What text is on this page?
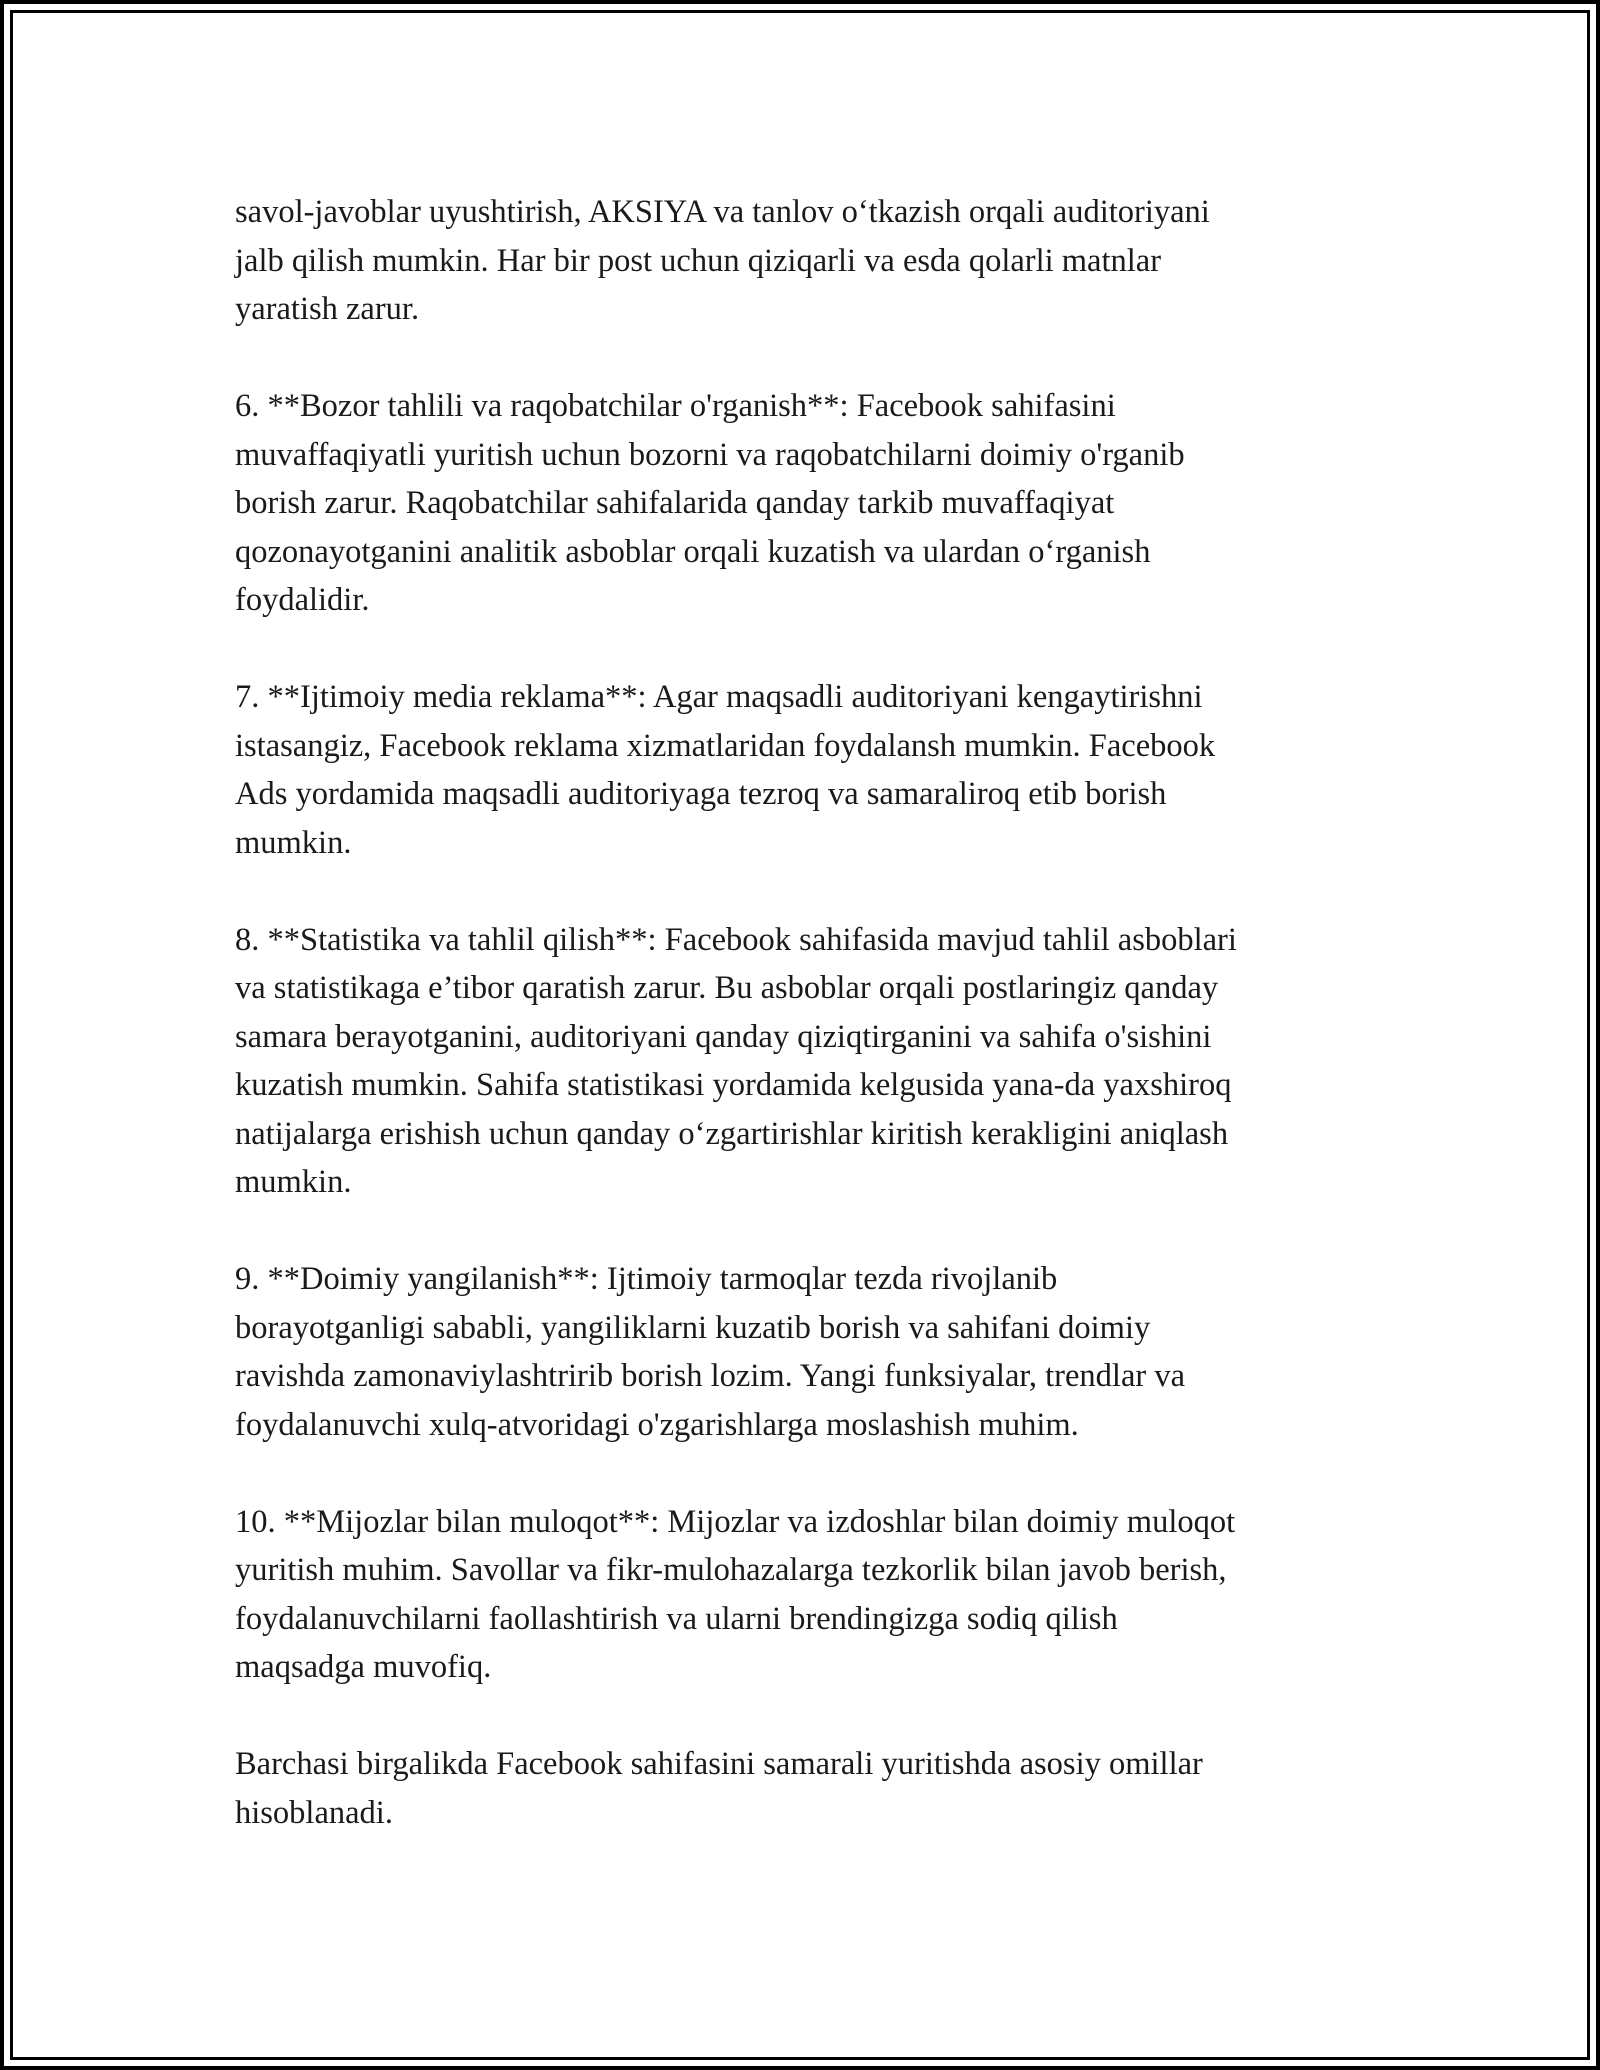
savol-javoblar uyushtirish, AKSIYA va tanlov o‘tkazish orqali auditoriyani
jalb qilish mumkin. Har bir post uchun qiziqarli va esda qolarli matnlar
yaratish zarur.

6. **Bozor tahlili va raqobatchilar o'rganish**: Facebook sahifasini
muvaffaqiyatli yuritish uchun bozorni va raqobatchilarni doimiy o'rganib
borish zarur. Raqobatchilar sahifalarida qanday tarkib muvaffaqiyat
qozonayotganini analitik asboblar orqali kuzatish va ulardan o‘rganish
foydalidir.

7. **Ijtimoiy media reklama**: Agar maqsadli auditoriyani kengaytirishni
istasangiz, Facebook reklama xizmatlaridan foydalansh mumkin. Facebook
Ads yordamida maqsadli auditoriyaga tezroq va samaraliroq etib borish
mumkin.

8. **Statistika va tahlil qilish**: Facebook sahifasida mavjud tahlil asboblari
va statistikaga e’tibor qaratish zarur. Bu asboblar orqali postlaringiz qanday
samara berayotganini, auditoriyani qanday qiziqtirganini va sahifa o'sishini
kuzatish mumkin. Sahifa statistikasi yordamida kelgusida yana-da yaxshiroq
natijalarga erishish uchun qanday o‘zgartirishlar kiritish kerakligini aniqlash
mumkin.

9. **Doimiy yangilanish**: Ijtimoiy tarmoqlar tezda rivojlanib
borayotganligi sababli, yangiliklarni kuzatib borish va sahifani doimiy
ravishda zamonaviylashtririb borish lozim. Yangi funksiyalar, trendlar va
foydalanuvchi xulq-atvoridagi o'zgarishlarga moslashish muhim.

10. **Mijozlar bilan muloqot**: Mijozlar va izdoshlar bilan doimiy muloqot
yuritish muhim. Savollar va fikr-mulohazalarga tezkorlik bilan javob berish,
foydalanuvchilarni faollashtirish va ularni brendingizga sodiq qilish
maqsadga muvofiq.

Barchasi birgalikda Facebook sahifasini samarali yuritishda asosiy omillar
hisoblanadi.
